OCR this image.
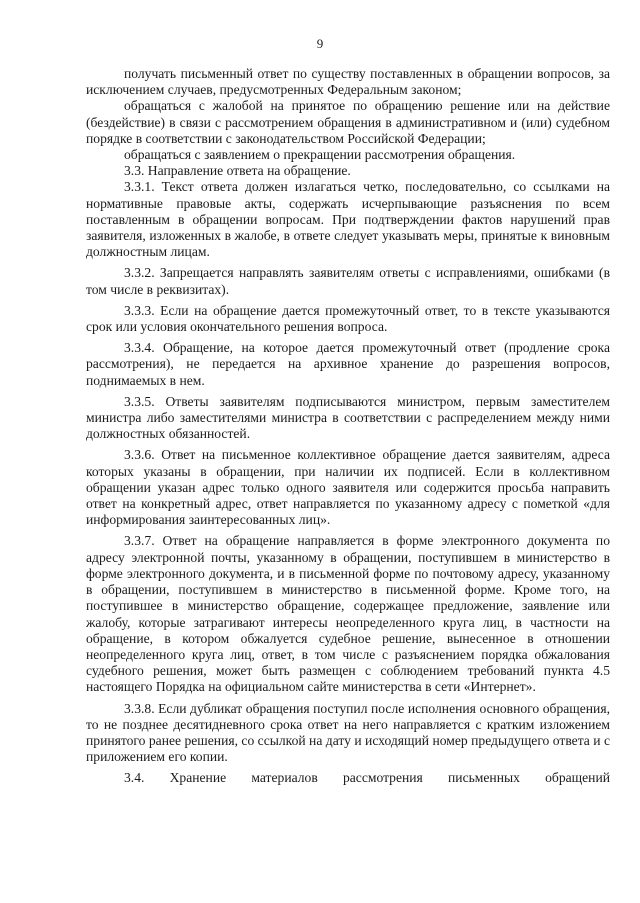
9

получать письменный ответ по существу поставленных в обращении вопросов, за исключением случаев, предусмотренных Федеральным законом;

обращаться с жалобой на принятое по обращению решение или на действие (бездействие) в связи с рассмотрением обращения в административном и (или) судебном порядке в соответствии с законодательством Российской Федерации;

обращаться с заявлением о прекращении рассмотрения обращения.

3.3. Направление ответа на обращение.

3.3.1. Текст ответа должен излагаться четко, последовательно, со ссылками на нормативные правовые акты, содержать исчерпывающие разъяснения по всем поставленным в обращении вопросам. При подтверждении фактов нарушений прав заявителя, изложенных в жалобе, в ответе следует указывать меры, принятые к виновным должностным лицам.

3.3.2. Запрещается направлять заявителям ответы с исправлениями, ошибками (в том числе в реквизитах).

3.3.3. Если на обращение дается промежуточный ответ, то в тексте указываются срок или условия окончательного решения вопроса.

3.3.4. Обращение, на которое дается промежуточный ответ (продление срока рассмотрения), не передается на архивное хранение до разрешения вопросов, поднимаемых в нем.

3.3.5. Ответы заявителям подписываются министром, первым заместителем министра либо заместителями министра в соответствии с распределением между ними должностных обязанностей.

3.3.6. Ответ на письменное коллективное обращение дается заявителям, адреса которых указаны в обращении, при наличии их подписей. Если в коллективном обращении указан адрес только одного заявителя или содержится просьба направить ответ на конкретный адрес, ответ направляется по указанному адресу с пометкой «для информирования заинтересованных лиц».

3.3.7. Ответ на обращение направляется в форме электронного документа по адресу электронной почты, указанному в обращении, поступившем в министерство в форме электронного документа, и в письменной форме по почтовому адресу, указанному в обращении, поступившем в министерство в письменной форме. Кроме того, на поступившее в министерство обращение, содержащее предложение, заявление или жалобу, которые затрагивают интересы неопределенного круга лиц, в частности на обращение, в котором обжалуется судебное решение, вынесенное в отношении неопределенного круга лиц, ответ, в том числе с разъяснением порядка обжалования судебного решения, может быть размещен с соблюдением требований пункта 4.5 настоящего Порядка на официальном сайте министерства в сети «Интернет».

3.3.8. Если дубликат обращения поступил после исполнения основного обращения, то не позднее десятидневного срока ответ на него направляется с кратким изложением принятого ранее решения, со ссылкой на дату и исходящий номер предыдущего ответа и с приложением его копии.

3.4. Хранение материалов рассмотрения письменных обращений
